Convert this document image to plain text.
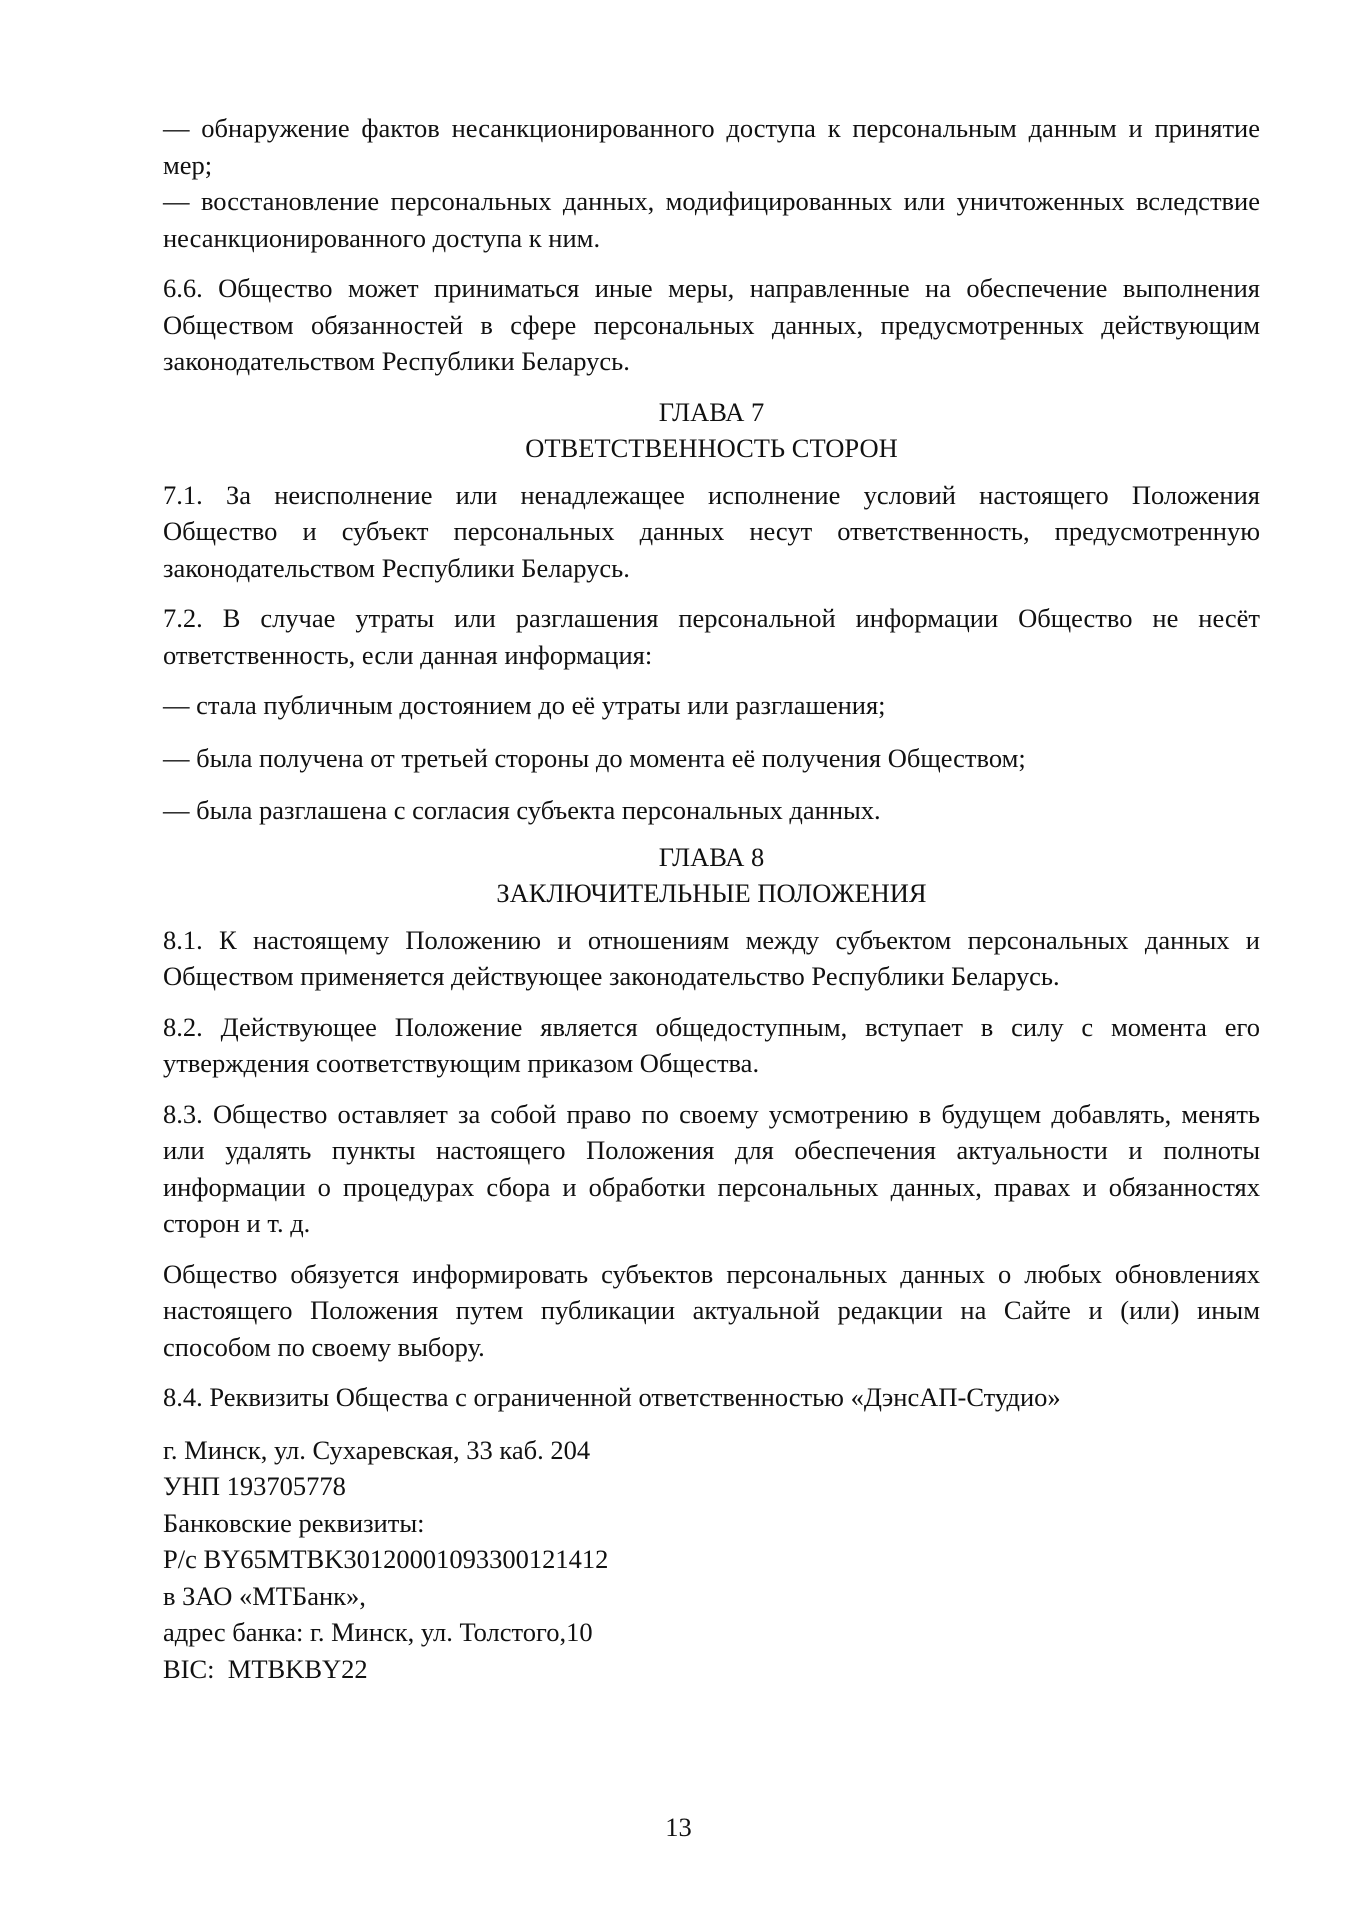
— обнаружение фактов несанкционированного доступа к персональным данным и принятие
мер;
— восстановление персональных данных, модифицированных или уничтоженных вследствие
несанкционированного доступа к ним.
6.6. Общество может приниматься иные меры, направленные на обеспечение выполнения
Обществом обязанностей в сфере персональных данных, предусмотренных действующим
законодательством Республики Беларусь.
ГЛАВА 7
ОТВЕТСТВЕННОСТЬ СТОРОН
7.1. За неисполнение или ненадлежащее исполнение условий настоящего Положения
Общество и субъект персональных данных несут ответственность, предусмотренную
законодательством Республики Беларусь.
7.2. В случае утраты или разглашения персональной информации Общество не несёт
ответственность, если данная информация:
— стала публичным достоянием до её утраты или разглашения;
— была получена от третьей стороны до момента её получения Обществом;
— была разглашена с согласия субъекта персональных данных.
ГЛАВА 8
ЗАКЛЮЧИТЕЛЬНЫЕ ПОЛОЖЕНИЯ
8.1. К настоящему Положению и отношениям между субъектом персональных данных и
Обществом применяется действующее законодательство Республики Беларусь.
8.2. Действующее Положение является общедоступным, вступает в силу с момента его
утверждения соответствующим приказом Общества.
8.3. Общество оставляет за собой право по своему усмотрению в будущем добавлять, менять
или удалять пункты настоящего Положения для обеспечения актуальности и полноты
информации о процедурах сбора и обработки персональных данных, правах и обязанностях
сторон и т. д.
Общество обязуется информировать субъектов персональных данных о любых обновлениях
настоящего Положения путем публикации актуальной редакции на Сайте и (или) иным
способом по своему выбору.
8.4. Реквизиты Общества с ограниченной ответственностью «ДэнсАП-Студио»
г. Минск, ул. Сухаревская, 33 каб. 204
УНП 193705778
Банковские реквизиты:
Р/с BY65MTBK30120001093300121412
в ЗАО «МТБанк»,
адрес банка: г. Минск, ул. Толстого,10
BIC:  MTBKBY22
13
